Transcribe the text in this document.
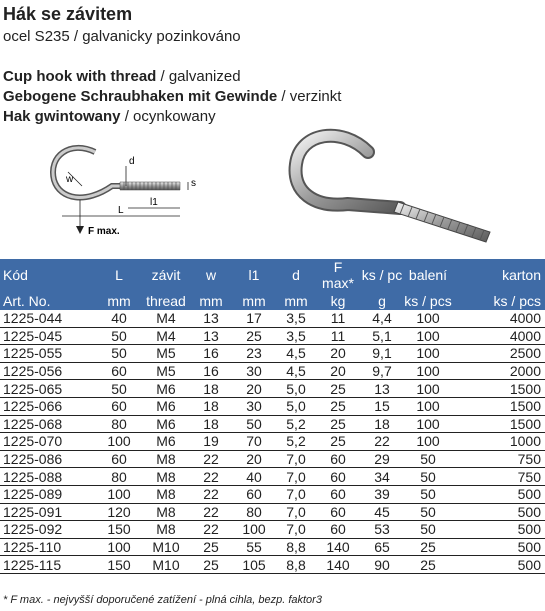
Hák se závitem
ocel S235 / galvanicky pozinkováno
Cup hook with thread / galvanized
Gebogene Schraubhaken mit Gewinde / verzinkt
Hak gwintowany / ocynkowany
d
w	s
l1
L
F max.
Kód	L	závit	w	l1	d	F max*	ks / pc	balení	karton
Art. No.	mm	thread	mm	mm	mm	kg	g	ks / pcs	ks / pcs
1225-044	40	M4	13	17	3,5	11	4,4	100	4000
1225-045	50	M4	13	25	3,5	11	5,1	100	4000
1225-055	50	M5	16	23	4,5	20	9,1	100	2500
1225-056	60	M5	16	30	4,5	20	9,7	100	2000
1225-065	50	M6	18	20	5,0	25	13	100	1500
1225-066	60	M6	18	30	5,0	25	15	100	1500
1225-068	80	M6	18	50	5,2	25	18	100	1500
1225-070	100	M6	19	70	5,2	25	22	100	1000
1225-086	60	M8	22	20	7,0	60	29	50	750
1225-088	80	M8	22	40	7,0	60	34	50	750
1225-089	100	M8	22	60	7,0	60	39	50	500
1225-091	120	M8	22	80	7,0	60	45	50	500
1225-092	150	M8	22	100	7,0	60	53	50	500
1225-110	100	M10	25	55	8,8	140	65	25	500
1225-115	150	M10	25	105	8,8	140	90	25	500
* F max. - nejvyšší doporučené zatížení - plná cihla, bezp. faktor3
